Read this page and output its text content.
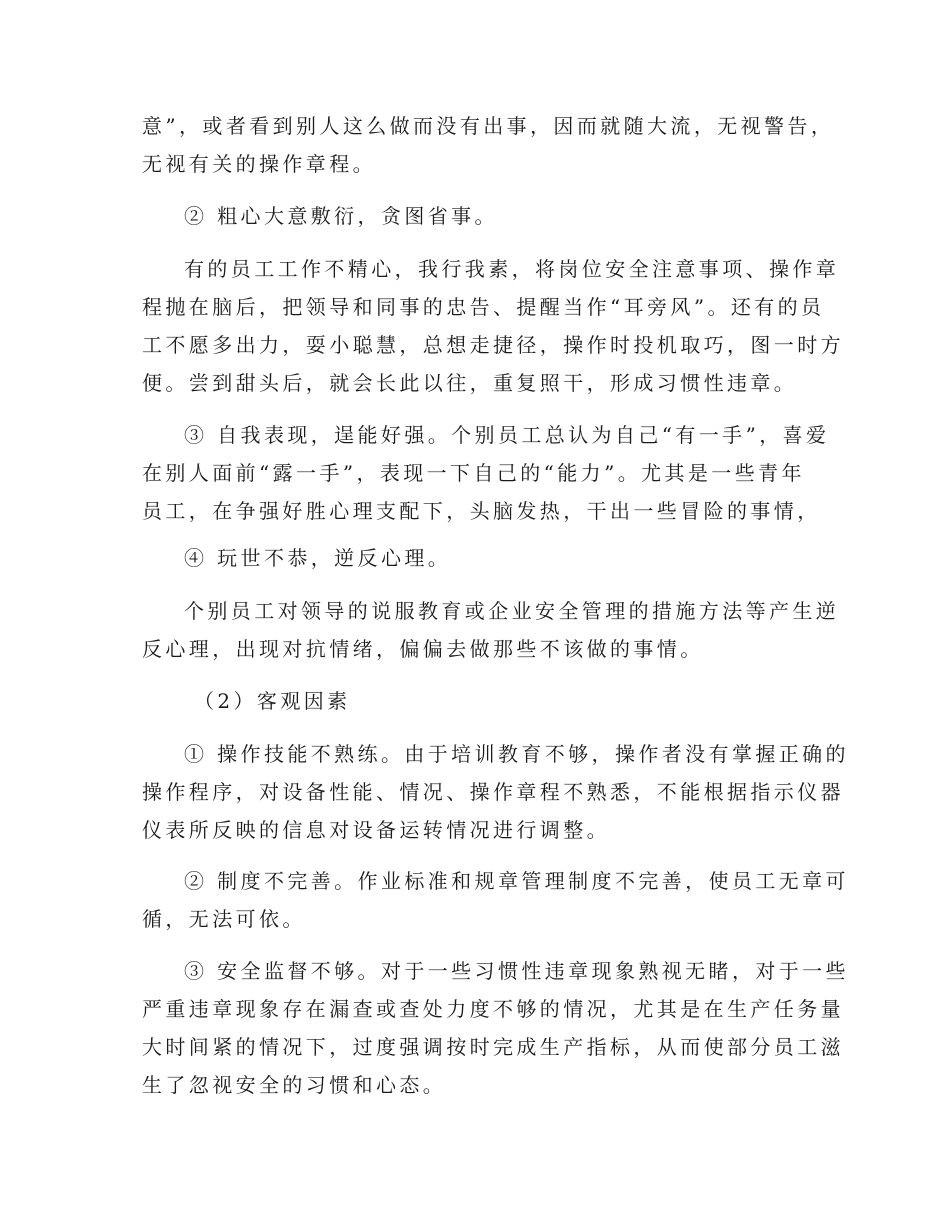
意”，或者看到别人这么做而没有出事，因而就随大流，无视警告，
无视有关的操作章程。
② 粗心大意敷衍，贪图省事。
有的员工工作不精心，我行我素，将岗位安全注意事项、操作章
程抛在脑后，把领导和同事的忠告、提醒当作“耳旁风”。还有的员
工不愿多出力，耍小聪慧，总想走捷径，操作时投机取巧，图一时方
便。尝到甜头后，就会长此以往，重复照干，形成习惯性违章。
③ 自我表现，逞能好强。个别员工总认为自己“有一手”，喜爱
在别人面前“露一手”，表现一下自己的“能力”。尤其是一些青年
员工，在争强好胜心理支配下，头脑发热，干出一些冒险的事情，
④ 玩世不恭，逆反心理。
个别员工对领导的说服教育或企业安全管理的措施方法等产生逆
反心理，出现对抗情绪，偏偏去做那些不该做的事情。
（2）客观因素
① 操作技能不熟练。由于培训教育不够，操作者没有掌握正确的
操作程序，对设备性能、情况、操作章程不熟悉，不能根据指示仪器
仪表所反映的信息对设备运转情况进行调整。
② 制度不完善。作业标准和规章管理制度不完善，使员工无章可
循，无法可依。
③ 安全监督不够。对于一些习惯性违章现象熟视无睹，对于一些
严重违章现象存在漏查或查处力度不够的情况，尤其是在生产任务量
大时间紧的情况下，过度强调按时完成生产指标，从而使部分员工滋
生了忽视安全的习惯和心态。
